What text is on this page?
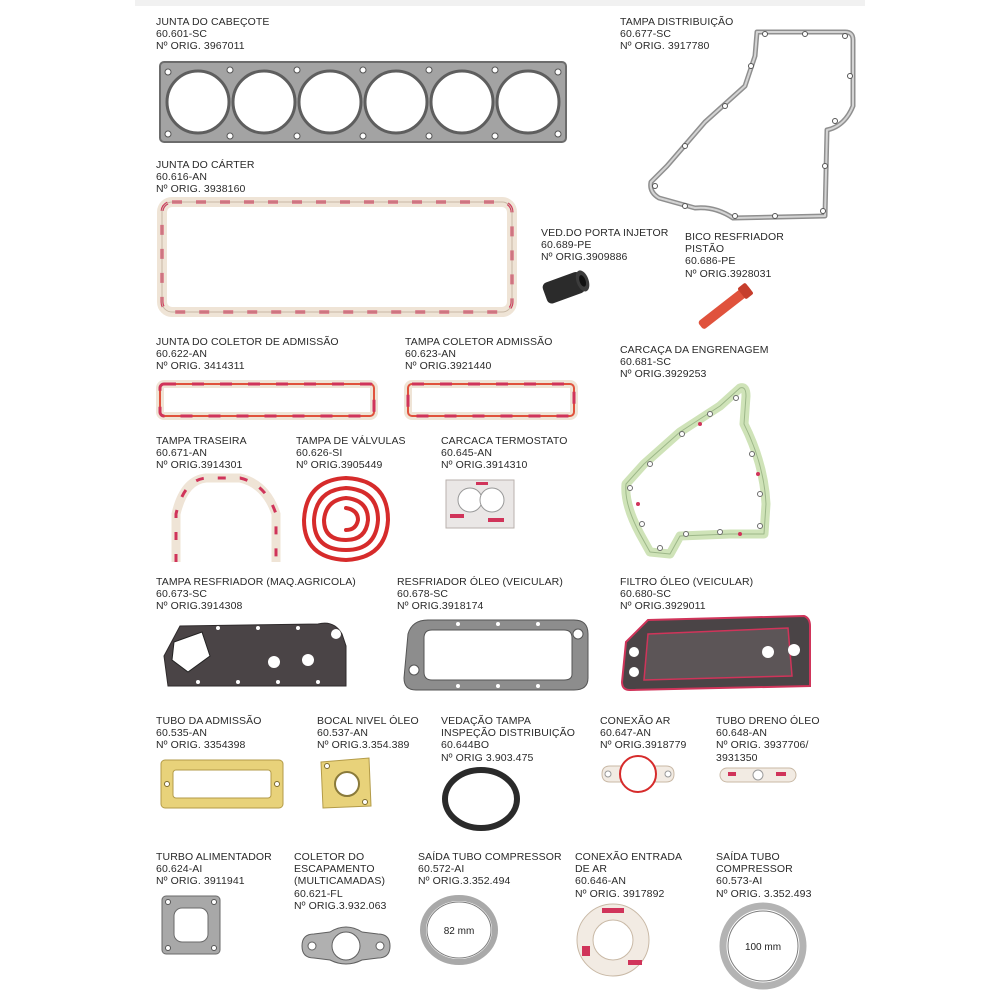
JUNTA DO CABEÇOTE
60.601-SC
Nº ORIG. 3967011
TAMPA DISTRIBUIÇÃO
60.677-SC
Nº ORIG. 3917780
JUNTA DO CÁRTER
60.616-AN
Nº ORIG. 3938160
VED.DO PORTA INJETOR
60.689-PE
Nº ORIG.3909886
BICO RESFRIADOR
PISTÃO
60.686-PE
Nº ORIG.3928031
JUNTA DO COLETOR DE ADMISSÃO
60.622-AN
Nº ORIG. 3414311
TAMPA COLETOR ADMISSÃO
60.623-AN
Nº ORIG.3921440
CARCAÇA DA ENGRENAGEM
60.681-SC
Nº ORIG.3929253
TAMPA TRASEIRA
60.671-AN
Nº ORIG.3914301
TAMPA DE VÁLVULAS
60.626-SI
Nº ORIG.3905449
CARCACA TERMOSTATO
60.645-AN
Nº ORIG.3914310
TAMPA RESFRIADOR (MAQ.AGRICOLA)
60.673-SC
Nº ORIG.3914308
RESFRIADOR ÓLEO (VEICULAR)
60.678-SC
Nº ORIG.3918174
FILTRO ÓLEO (VEICULAR)
60.680-SC
Nº ORIG.3929011
TUBO DA ADMISSÃO
60.535-AN
Nº ORIG. 3354398
BOCAL NIVEL ÓLEO
60.537-AN
Nº ORIG.3.354.389
VEDAÇÃO TAMPA
INSPEÇÃO DISTRIBUIÇÃO
60.644BO
Nº ORIG 3.903.475
CONEXÃO AR
60.647-AN
Nº ORIG.3918779
TUBO DRENO ÓLEO
60.648-AN
Nº ORIG. 3937706/
3931350
TURBO ALIMENTADOR
60.624-AI
Nº ORIG. 3911941
COLETOR DO
ESCAPAMENTO
(MULTICAMADAS)
60.621-FL
Nº ORIG.3.932.063
SAÍDA TUBO COMPRESSOR
60.572-AI
Nº ORIG.3.352.494
82 mm
CONEXÃO ENTRADA
DE AR
60.646-AN
Nº ORIG. 3917892
SAÍDA TUBO
COMPRESSOR
60.573-AI
Nº ORIG. 3.352.493
100 mm
